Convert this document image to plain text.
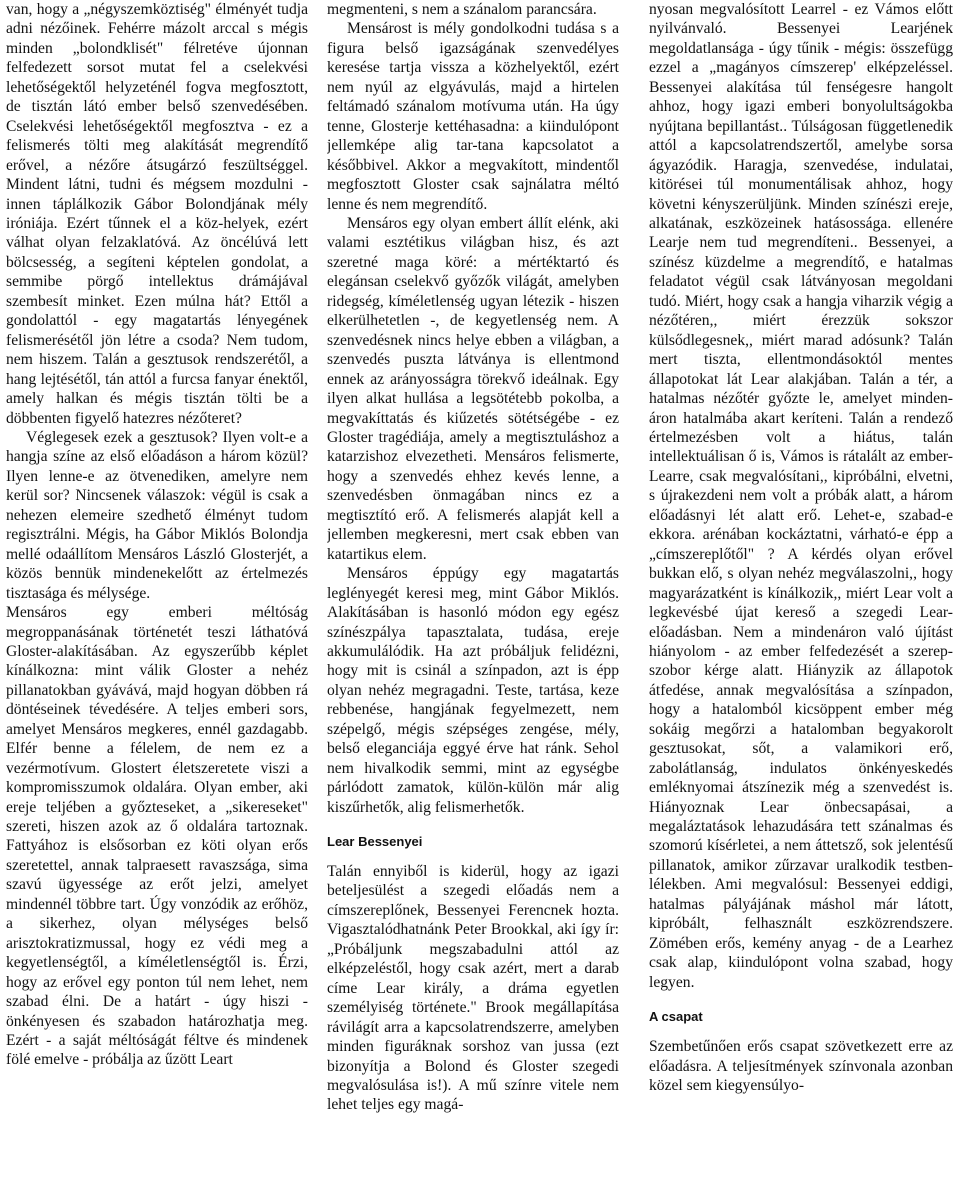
van, hogy a „négyszemköztiség" élményét tudja adni nézőinek. Fehérre mázolt arccal s mégis minden „bolondklisét" félretéve újonnan felfedezett sorsot mutat fel a cselekvési lehetőségektől helyzeténél fogva megfosztott, de tisztán látó ember belső szenvedésében. Cselekvési lehetőségektől megfosztva - ez a felismerés tölti meg alakítását megrendítő erővel, a nézőre átsugárzó feszültséggel. Mindent látni, tudni és mégsem mozdulni - innen táplálkozik Gábor Bolondjának mély iróniája. Ezért tűnnek el a köz-helyek, ezért válhat olyan felzaklatóvá. Az öncélúvá lett bölcsesség, a segíteni képtelen gondolat, a semmibe pörgő intellektus drámájával szembesít minket. Ezen múlna hát? Ettől a gondolattól - egy magatartás lényegének felismerésétől jön létre a csoda? Nem tudom, nem hiszem. Talán a gesztusok rendszerétől, a hang lejtésétől, tán attól a furcsa fanyar énektől, amely halkan és mégis tisztán tölti be a döbbenten figyelő hatezres nézőteret?

Véglegesek ezek a gesztusok? Ilyen volt-e a hangja színe az első előadáson a három közül? Ilyen lenne-e az ötvenediken, amelyre nem kerül sor? Nincsenek válaszok: végül is csak a nehezen elemeire szedhető élményt tudom regisztrálni. Mégis, ha Gábor Miklós Bolondja mellé odaállítom Mensáros László Glosterjét, a közös bennük mindenekelőtt az értelmezés tisztasága és mélysége.

Mensáros egy emberi méltóság megroppanásának történetét teszi láthatóvá Gloster-alakításában. Az egyszerűbb képlet kínálkozna: mint válik Gloster a nehéz pillanatokban gyávává, majd hogyan döbben rá döntéseinek tévedésére. A teljes emberi sors, amelyet Mensáros megkeres, ennél gazdagabb. Elfér benne a félelem, de nem ez a vezérmotívum. Glostert életszeretete viszi a kompromisszumok oldalára. Olyan ember, aki ereje teljében a győzteseket, a „sikereseket" szereti, hiszen azok az ő oldalára tartoznak. Fattyához is elsősorban ez köti olyan erős szeretettel, annak talpraesett ravaszsága, sima szavú ügyessége az erőt jelzi, amelyet mindennél többre tart. Úgy vonzódik az erőhöz, a sikerhez, olyan mélységes belső arisztokratizmussal, hogy ez védi meg a kegyetlenségtől, a kíméletlenségtől is. Érzi, hogy az erővel egy ponton túl nem lehet, nem szabad élni. De a határt - úgy hiszi - önkényesen és szabadon határozhatja meg. Ezért - a saját méltóságát féltve és mindenek fölé emelve - próbálja az űzött Leart

megmenteni, s nem a szánalom parancsára.

Mensárost is mély gondolkodni tudása s a figura belső igazságának szenvedélyes keresése tartja vissza a közhelyektől, ezért nem nyúl az elgyávulás, majd a hirtelen feltámadó szánalom motívuma után. Ha úgy tenne, Glosterje kettéhasadna: a kiindulópont jellemképe alig tar-tana kapcsolatot a későbbivel. Akkor a megvakított, mindentől megfosztott Gloster csak sajnálatra méltó lenne és nem megrendítő.

Mensáros egy olyan embert állít elénk, aki valami esztétikus világban hisz, és azt szeretné maga köré: a mértéktartó és elegánsan cselekvő győzők világát, amelyben ridegség, kíméletlenség ugyan létezik - hiszen elkerülhetetlen -, de kegyetlenség nem. A szenvedésnek nincs helye ebben a világban, a szenvedés puszta látványa is ellentmond ennek az arányosságra törekvő ideálnak. Egy ilyen alkat hullása a legsötétebb pokolba, a megvakíttatás és kiűzetés sötétségébe - ez Gloster tragédiája, amely a megtisztuláshoz a katarzishoz elvezetheti. Mensáros felismerte, hogy a szenvedés ehhez kevés lenne, a szenvedésben önmagában nincs ez a megtisztító erő. A felismerés alapját kell a jellemben megkeresni, mert csak ebben van katartikus elem.

Mensáros éppúgy egy magatartás leglényegét keresi meg, mint Gábor Miklós. Alakításában is hasonló módon egy egész színészpálya tapasztalata, tudása, ereje akkumulálódik. Ha azt próbáljuk felidézni, hogy mit is csinál a színpadon, azt is épp olyan nehéz megragadni. Teste, tartása, keze rebbenése, hangjának fegyelmezett, nem szépelgő, mégis szépséges zengése, mély, belső eleganciája eggyé érve hat ránk. Sehol nem hivalkodik semmi, mint az egységbe párlódott zamatok, külön-külön már alig kiszűrhetők, alig felismerhetők.

Lear Bessenyei

Talán ennyiből is kiderül, hogy az igazi beteljesülést a szegedi előadás nem a címszereplőnek, Bessenyei Ferencnek hozta. Vigasztalódhatnánk Peter Brookkal, aki így ír: „Próbáljunk megszabadulni attól az elképzeléstől, hogy csak azért, mert a darab címe Lear király, a dráma egyetlen személyiség története." Brook megállapítása rávilágít arra a kapcsolatrendszerre, amelyben minden figuráknak sorshoz van jussa (ezt bizonyítja a Bolond és Gloster szegedi megvalósulása is!). A mű színre vitele nem lehet teljes egy magá-

nyosan megvalósított Learrel - ez Vámos előtt nyilvánvaló. Bessenyei Learjének megoldatlansága - úgy tűnik - mégis: összefügg ezzel a „magányos címszerep' elképzeléssel. Bessenyei alakítása túl fenségesre hangolt ahhoz, hogy igazi emberi bonyolultságokba nyújtana bepillantást.. Túlságosan függetlenedik attól a kapcsolatrendszertől, amelybe sorsa ágyazódik. Haragja, szenvedése, indulatai, kitörései túl monumentálisak ahhoz, hogy követni kényszerüljünk. Minden színészi ereje, alkatának, eszközeinek hatásossága. ellenére Learje nem tud megrendíteni.. Bessenyei, a színész küzdelme a megrendítő, e hatalmas feladatot végül csak látványosan megoldani tudó. Miért, hogy csak a hangja viharzik végig a nézőtéren,, miért érezzük sokszor külsődlegesnek,, miért marad adósunk? Talán mert tiszta, ellentmondásoktól mentes állapotokat lát Lear alakjában. Talán a tér, a hatalmas nézőtér győzte le, amelyet minden-áron hatalmába akart keríteni. Talán a rendező értelmezésben volt a hiátus, talán intellektuálisan ő is, Vámos is rátalált az ember-Learre, csak megvalósítani,, kipróbálni, elvetni, s újrakezdeni nem volt a próbák alatt, a három előadásnyi lét alatt erő. Lehet-e, szabad-e ekkora. arénában kockáztatni, várható-e épp a „címszereplőtől" ? A kérdés olyan erővel bukkan elő, s olyan nehéz megválaszolni,, hogy magyarázatként is kínálkozik,, miért Lear volt a legkevésbé újat kereső a szegedi Lear-előadásban. Nem a mindenáron való újítást hiányolom - az ember felfedezését a szerep-szobor kérge alatt. Hiányzik az állapotok átfedése, annak megvalósítása a színpadon, hogy a hatalomból kicsöppent ember még sokáig megőrzi a hatalomban begyakorolt gesztusokat, sőt, a valamikori erő, zabolátlanság, indulatos önkényeskedés emléknyomai átszínezik még a szenvedést is. Hiányoznak Lear önbecsapásai, a megaláztatások lehazudására tett szánalmas és szomorú kísérletei, a nem áttetsző, sok jelentésű pillanatok, amikor zűrzavar uralkodik testben-lélekben. Ami megvalósul: Bessenyei eddigi, hatalmas pályájának máshol már látott, kipróbált, felhasznált eszközrendszere. Zömében erős, kemény anyag - de a Learhez csak alap, kiindulópont volna szabad, hogy legyen.

A csapat

Szembetűnően erős csapat szövetkezett erre az előadásra. A teljesítmények színvonala azonban közel sem kiegyensúlyo-
